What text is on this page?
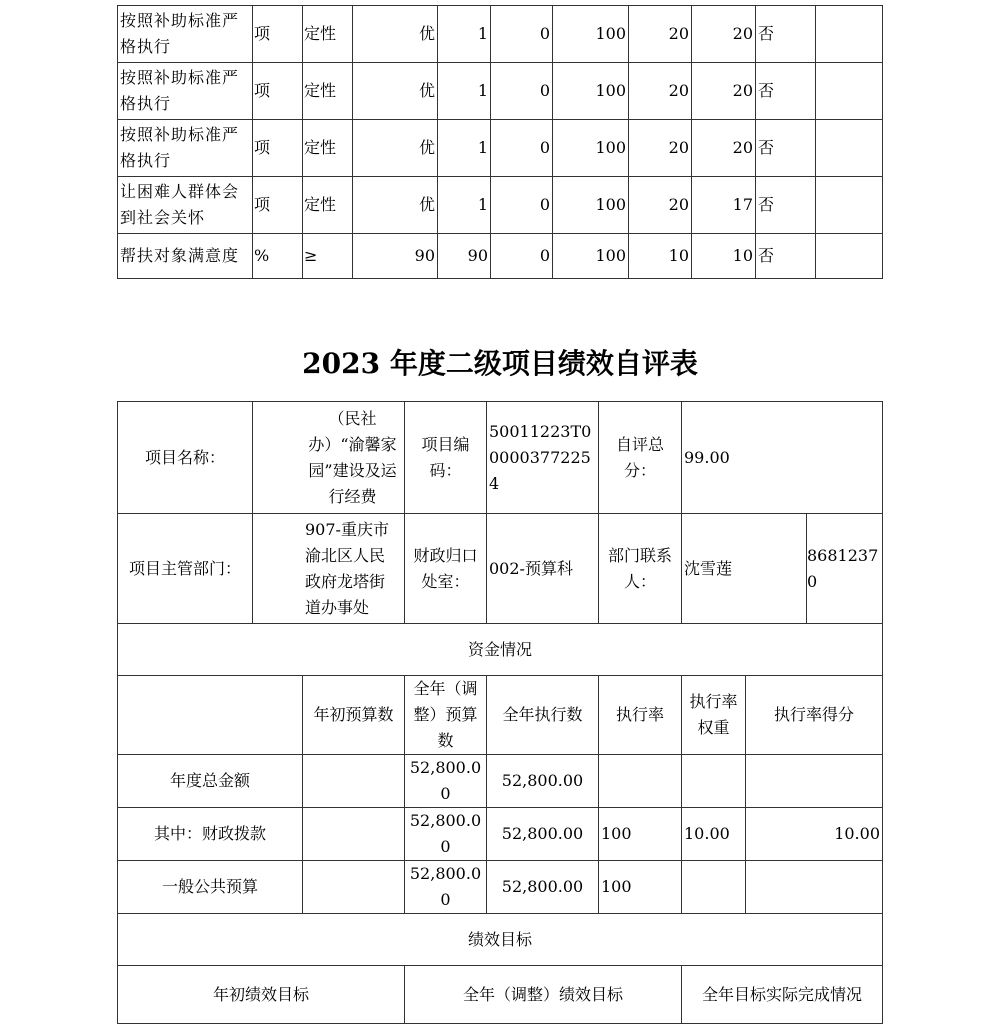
按照补助标准严格执行	项	定性	优	1	0	100	20	20	否	
按照补助标准严格执行	项	定性	优	1	0	100	20	20	否	
按照补助标准严格执行	项	定性	优	1	0	100	20	20	否	
让困难人群体会到社会关怀	项	定性	优	1	0	100	20	17	否	
帮扶对象满意度	%	≥	90	90	0	100	10	10	否	
2023 年度二级项目绩效自评表
项目名称：	（民社办）“渝馨家园”建设及运行经费		项目编码：	50011223T000003772254	自评总分：	99.00		
项目主管部门：	907-重庆市渝北区人民政府龙塔街道办事处		财政归口处室：	002-预算科	部门联系人：	沈雪莲		86812370

资金情况								
		年初预算数	全年（调整）预算数	全年执行数	执行率	执行率权重	执行率得分	
年度总金额			52,800.00	52,800.00				
其中：财政拨款			52,800.00	52,800.00	100	10.00	10.00	
一般公共预算			52,800.00	52,800.00	100			
绩效目标								
年初绩效目标			全年（调整）绩效目标			全年目标实际完成情况		
